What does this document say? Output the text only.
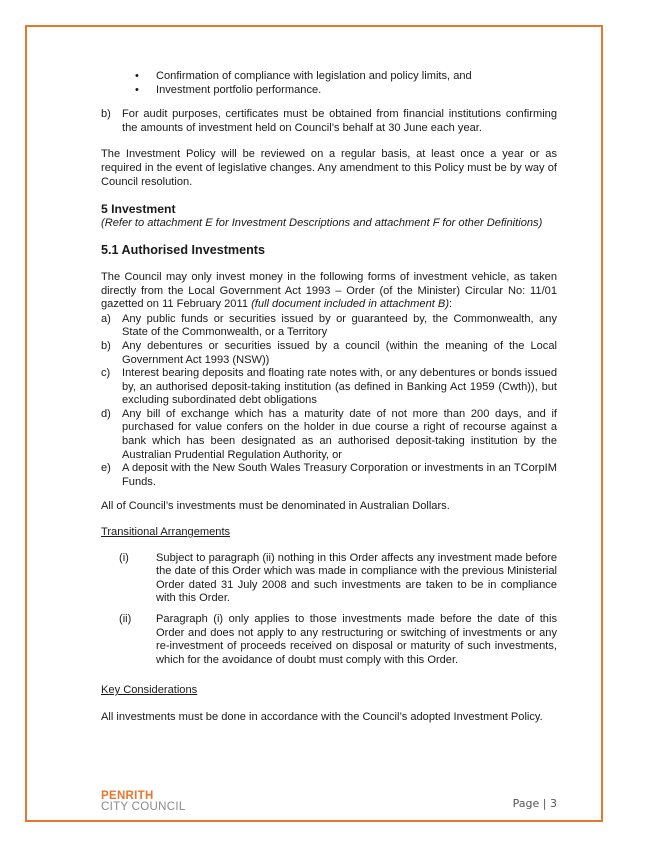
• Confirmation of compliance with legislation and policy limits, and
• Investment portfolio performance.
b)	For audit purposes, certificates must be obtained from financial institutions confirming the amounts of investment held on Council’s behalf at 30 June each year.

The Investment Policy will be reviewed on a regular basis, at least once a year or as required in the event of legislative changes. Any amendment to this Policy must be by way of Council resolution.

5 Investment

(Refer to attachment E for Investment Descriptions and attachment F for other Definitions)

5.1 Authorised Investments

The Council may only invest money in the following forms of investment vehicle, as taken directly from the Local Government Act 1993 – Order (of the Minister) Circular No: 11/01 gazetted on 11 February 2011 (full document included in attachment B):

a)	Any public funds or securities issued by or guaranteed by, the Commonwealth, any State of the Commonwealth, or a Territory
b)	Any debentures or securities issued by a council (within the meaning of the Local Government Act 1993 (NSW))
c)	Interest bearing deposits and floating rate notes with, or any debentures or bonds issued by, an authorised deposit-taking institution (as defined in Banking Act 1959 (Cwth)), but excluding subordinated debt obligations
d)	Any bill of exchange which has a maturity date of not more than 200 days, and if purchased for value confers on the holder in due course a right of recourse against a bank which has been designated as an authorised deposit-taking institution by the Australian Prudential Regulation Authority, or
e)	A deposit with the New South Wales Treasury Corporation or investments in an TCorpIM Funds.

All of Council’s investments must be denominated in Australian Dollars.

Transitional Arrangements

(i)	Subject to paragraph (ii) nothing in this Order affects any investment made before the date of this Order which was made in compliance with the previous Ministerial Order dated 31 July 2008 and such investments are taken to be in compliance with this Order.
(ii)	Paragraph (i) only applies to those investments made before the date of this Order and does not apply to any restructuring or switching of investments or any re-investment of proceeds received on disposal or maturity of such investments, which for the avoidance of doubt must comply with this Order.

Key Considerations

All investments must be done in accordance with the Council’s adopted Investment Policy.

PENRITH
CITY COUNCIL	Page | 3
